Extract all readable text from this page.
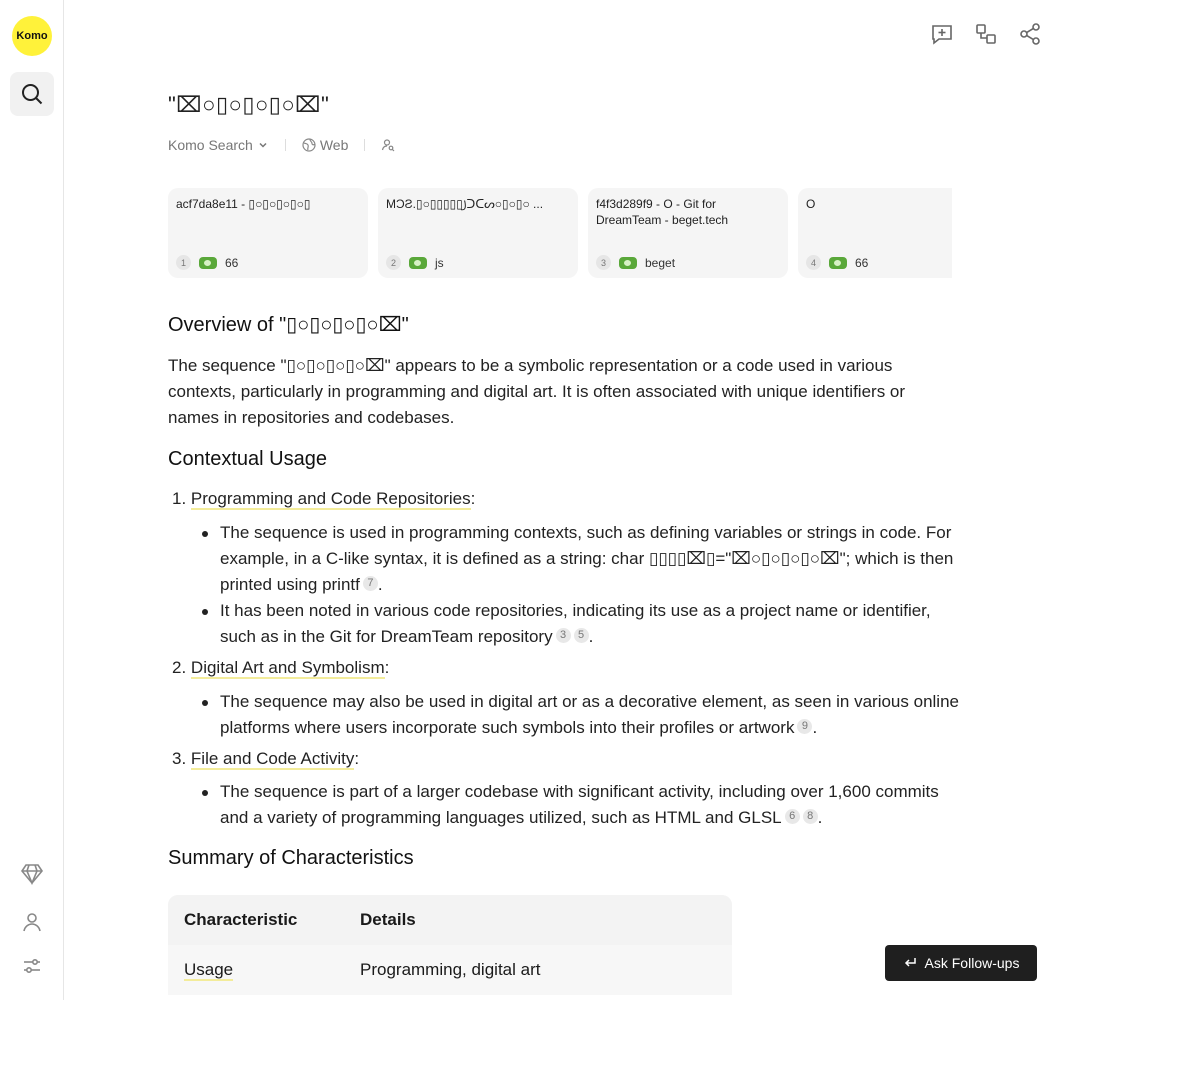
Komo
"⌧○▯○▯○▯○⌧"
Komo Search	Web
acf7da8e11 - ▯○▯○▯○▯○▯
1	66
MϽƧ.▯○▯▯▯▯▯꠸ᑐᑕᔕ○▯○▯○ ...
2	js
f4f3d289f9 - O - Git for DreamTeam - beget.tech
3	beget
O
4	66
Overview of "▯○▯○▯○▯○⌧"

The sequence "▯○▯○▯○▯○⌧" appears to be a symbolic representation or a code used in various contexts, particularly in programming and digital art. It is often associated with unique identifiers or names in repositories and codebases.

Contextual Usage
1. Programming and Code Repositories:
The sequence is used in programming contexts, such as defining variables or strings in code. For example, in a C-like syntax, it is defined as a string: char ▯▯▯▯⌧▯="⌧○▯○▯○▯○⌧"; which is then printed using printf 7 .
It has been noted in various code repositories, indicating its use as a project name or identifier, such as in the Git for DreamTeam repository 3 5 .
2. Digital Art and Symbolism:
The sequence may also be used in digital art or as a decorative element, as seen in various online platforms where users incorporate such symbols into their profiles or artwork 9 .
3. File and Code Activity:
The sequence is part of a larger codebase with significant activity, including over 1,600 commits and a variety of programming languages utilized, such as HTML and GLSL 6 8 .
Summary of Characteristics
Characteristic	Details
Usage	Programming, digital art	Ask Follow-ups
